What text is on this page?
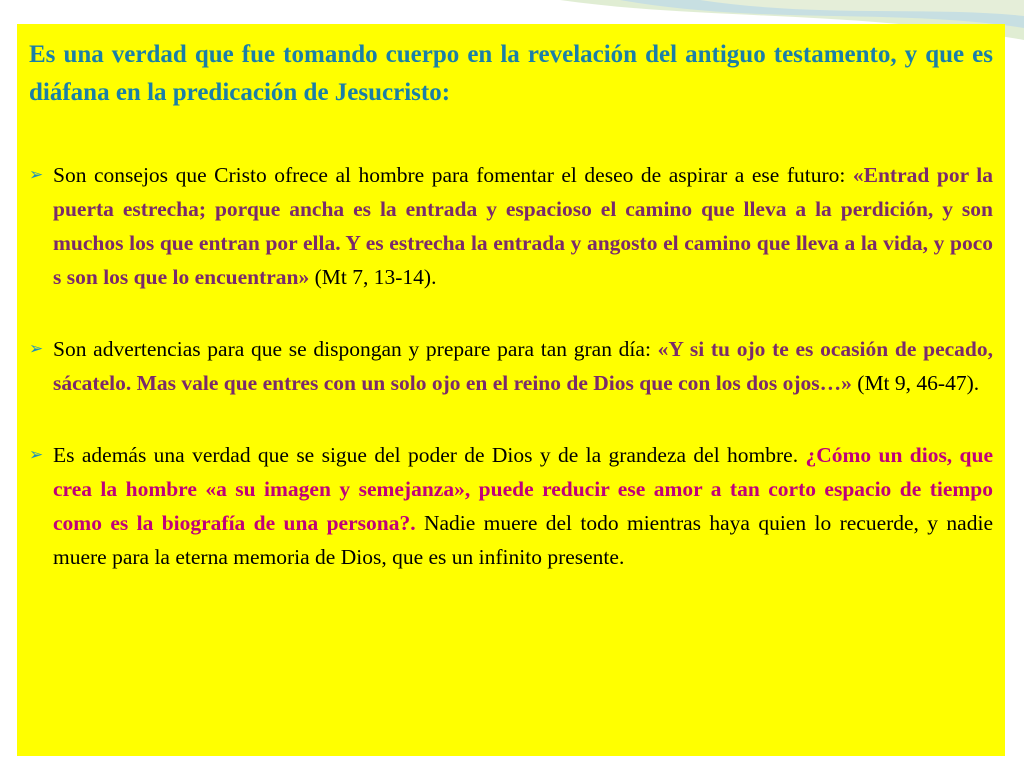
Es una verdad que fue tomando cuerpo en la revelación del antiguo testamento, y que es diáfana en la predicación de Jesucristo:

➢ Son consejos que Cristo ofrece al hombre para fomentar el deseo de aspirar a ese futuro: «Entrad por la puerta estrecha; porque ancha es la entrada y espacioso el camino que lleva a la perdición, y son muchos los que entran por ella. Y es estrecha la entrada y angosto el camino que lleva a la vida, y poco s son los que lo encuentran» (Mt 7, 13-14).
➢ Son advertencias para que se dispongan y prepare para tan gran día: «Y si tu ojo te es ocasión de pecado, sácatelo. Mas vale que entres con un solo ojo en el reino de Dios que con los dos ojos…» (Mt 9, 46-47).
➢ Es además una verdad que se sigue del poder de Dios y de la grandeza del hombre. ¿Cómo un dios, que crea la hombre «a su imagen y semejanza», puede reducir ese amor a tan corto espacio de tiempo como es la biografía de una persona?. Nadie muere del todo mientras haya quien lo recuerde, y nadie muere para la eterna memoria de Dios, que es un infinito presente.
